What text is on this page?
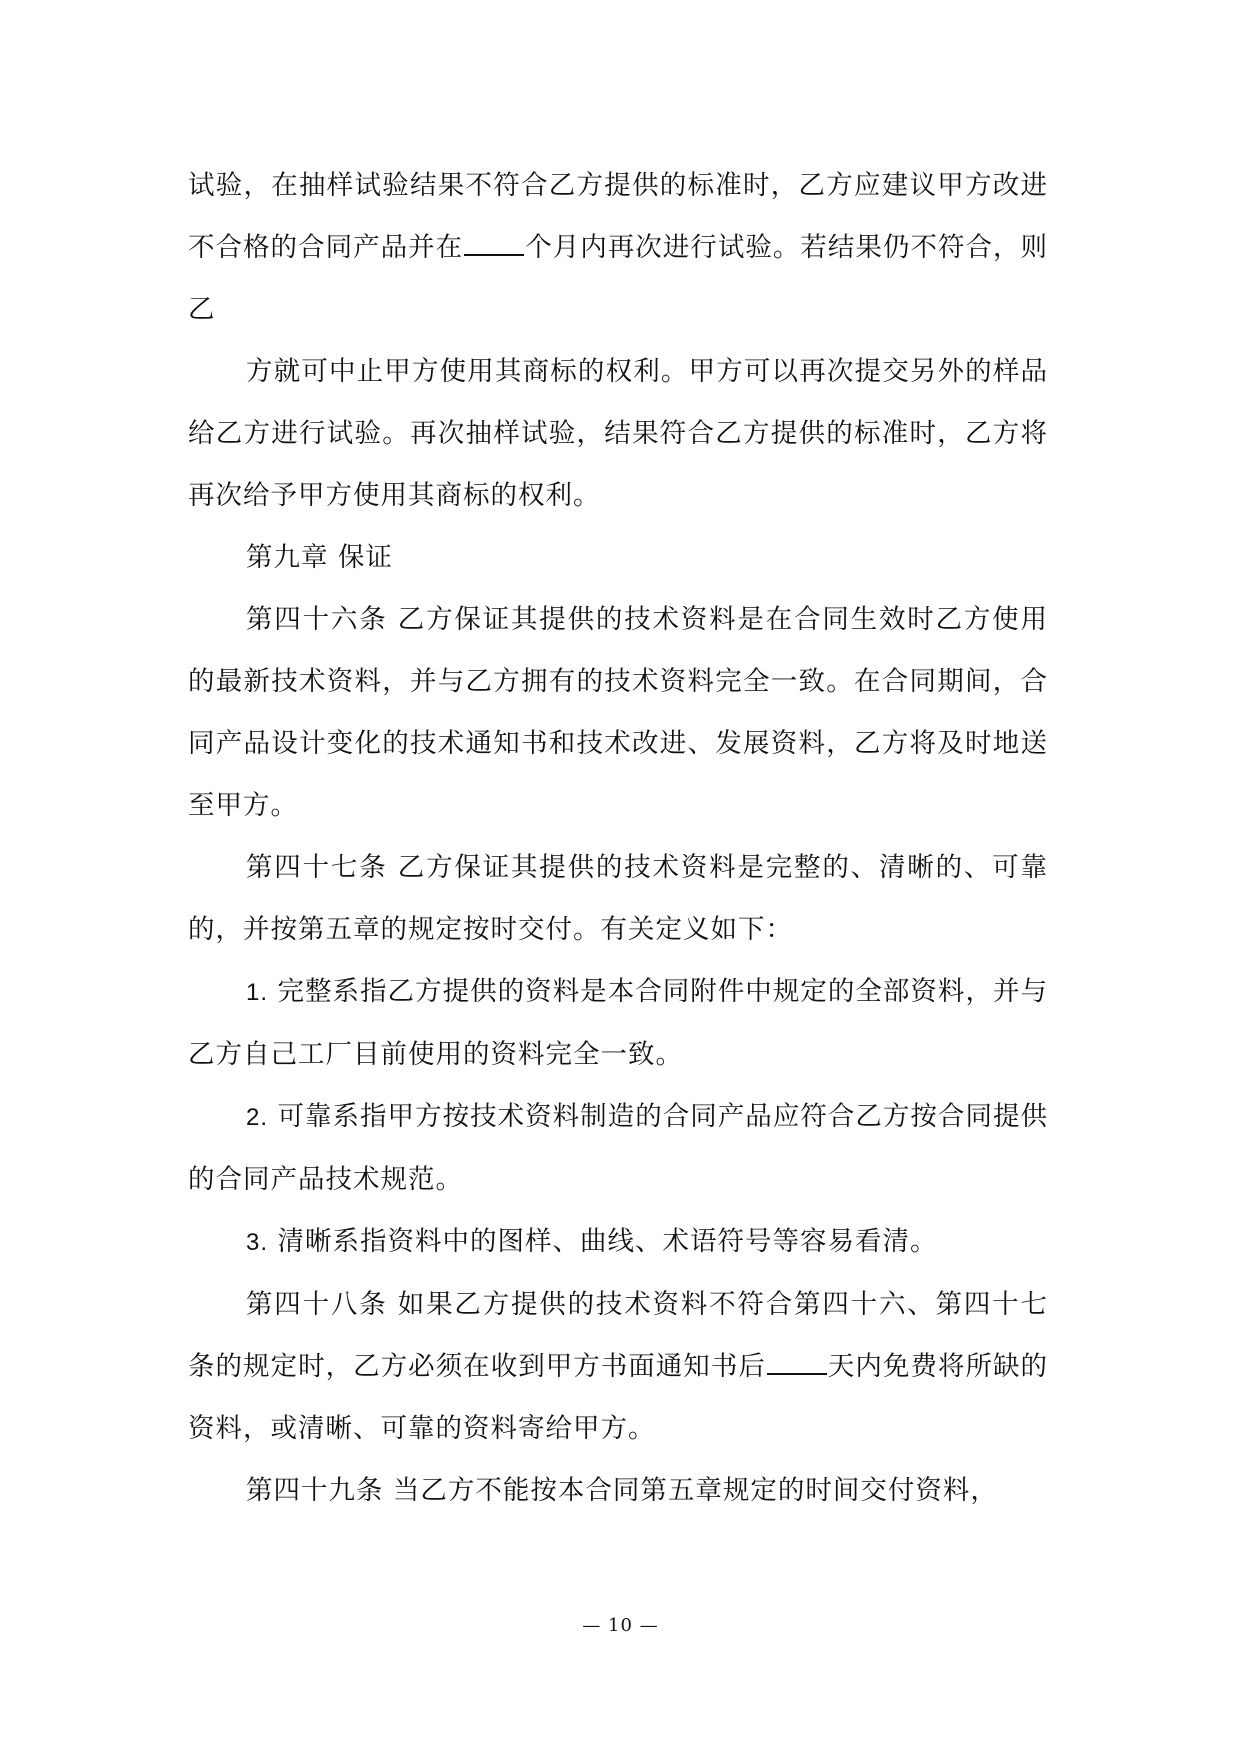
试验，在抽样试验结果不符合乙方提供的标准时，乙方应建议甲方改进不合格的合同产品并在 个月内再次进行试验。若结果仍不符合，则乙

方就可中止甲方使用其商标的权利。甲方可以再次提交另外的样品给乙方进行试验。再次抽样试验，结果符合乙方提供的标准时，乙方将再次给予甲方使用其商标的权利。

第九章 保证

第四十六条 乙方保证其提供的技术资料是在合同生效时乙方使用的最新技术资料，并与乙方拥有的技术资料完全一致。在合同期间，合同产品设计变化的技术通知书和技术改进、发展资料，乙方将及时地送至甲方。

第四十七条 乙方保证其提供的技术资料是完整的、清晰的、可靠的，并按第五章的规定按时交付。有关定义如下：

1. 完整系指乙方提供的资料是本合同附件中规定的全部资料，并与乙方自己工厂目前使用的资料完全一致。

2. 可靠系指甲方按技术资料制造的合同产品应符合乙方按合同提供的合同产品技术规范。

3. 清晰系指资料中的图样、曲线、术语符号等容易看清。

第四十八条 如果乙方提供的技术资料不符合第四十六、第四十七条的规定时，乙方必须在收到甲方书面通知书后 天内免费将所缺的资料，或清晰、可靠的资料寄给甲方。

第四十九条 当乙方不能按本合同第五章规定的时间交付资料，

— 10 —
